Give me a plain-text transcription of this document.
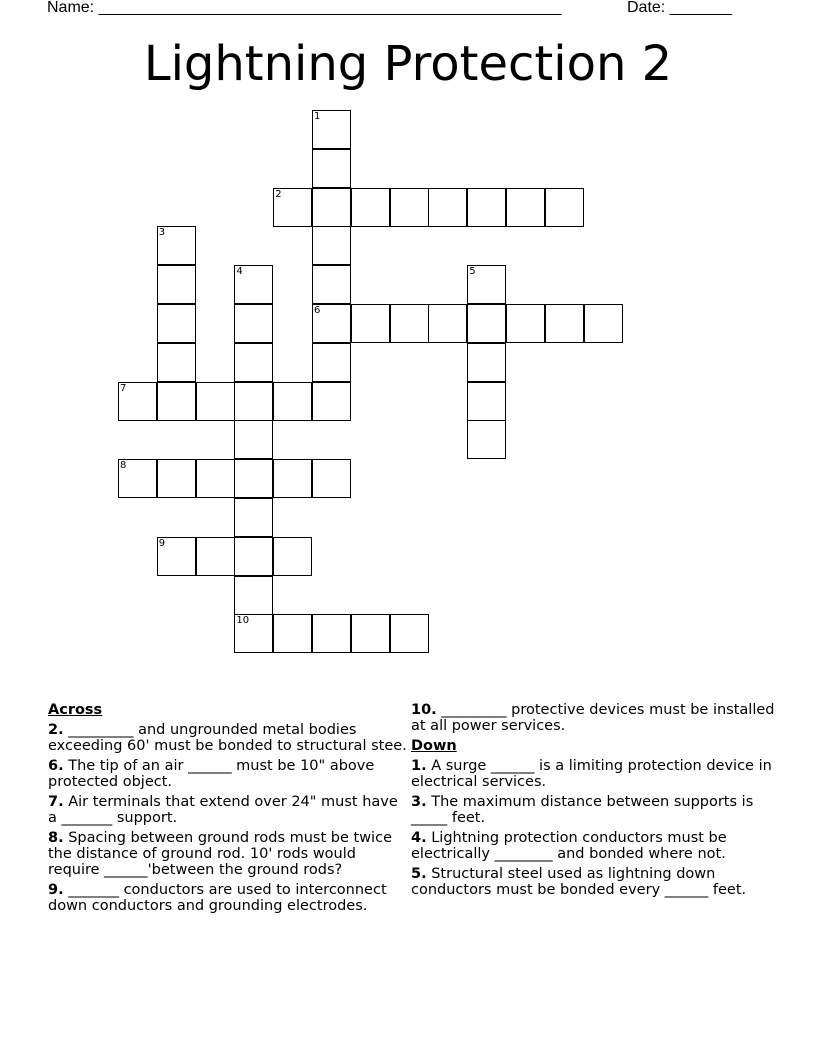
Name: ____________________________________________________	Date: _______
Lightning Protection 2
1
2
3
4	5
6
7
8
9
10
Across
2. _________ and ungrounded metal bodies exceeding 60' must be bonded to structural stee.
6. The tip of an air ______ must be 10" above protected object.
7. Air terminals that extend over 24" must have a _______ support.
8. Spacing between ground rods must be twice the distance of ground rod. 10' rods would require ______'between the ground rods?
9. _______ conductors are used to interconnect down conductors and grounding electrodes.
10. _________ protective devices must be installed at all power services.
Down
1. A surge ______ is a limiting protection device in electrical services.
3. The maximum distance between supports is _____ feet.
4. Lightning protection conductors must be electrically ________ and bonded where not.
5. Structural steel used as lightning down conductors must be bonded every ______ feet.
